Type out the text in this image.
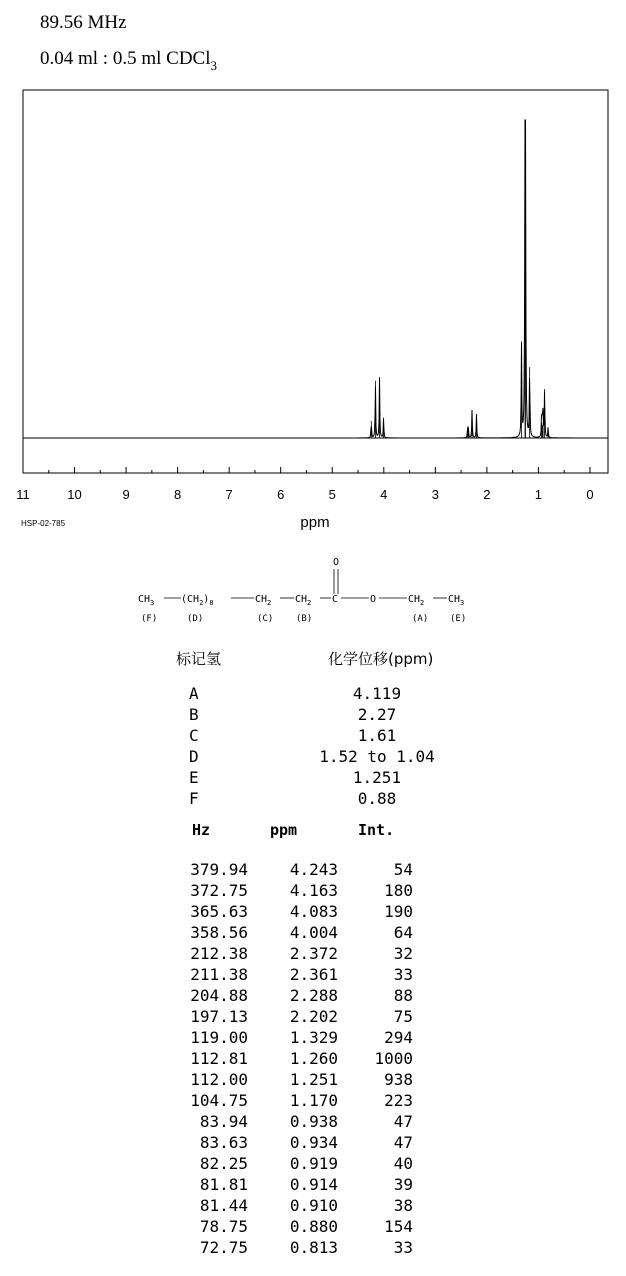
89.56 MHz
0.04 ml : 0.5 ml CDCl$_3$
11	10	9	8	7	6	5	4	3	2	1	0
ppm
HSP-02-785
O
$CH_3$	$(CH_2)_8$	$CH_2$ $CH_2$ C	O	$CH_2$ $CH_3$
(F)	(D)	(C)	(B)	(A) (E)
标记氢	化学位移(ppm)
A	4.119
B	2.27
C	1.61
D	1.52 to 1.04
E	1.251
F	0.88
Hz	ppm	Int.
379.94	4.243	54
372.75	4.163	180
365.63	4.083	190
358.56	4.004	64
212.38	2.372	32
211.38	2.361	33
204.88	2.288	88
197.13	2.202	75
119.00	1.329	294
112.81	1.260	1000
112.00	1.251	938
104.75	1.170	223
83.94	0.938	47
83.63	0.934	47
82.25	0.919	40
81.81	0.914	39
81.44	0.910	38
78.75	0.880	154
72.75	0.813	33
